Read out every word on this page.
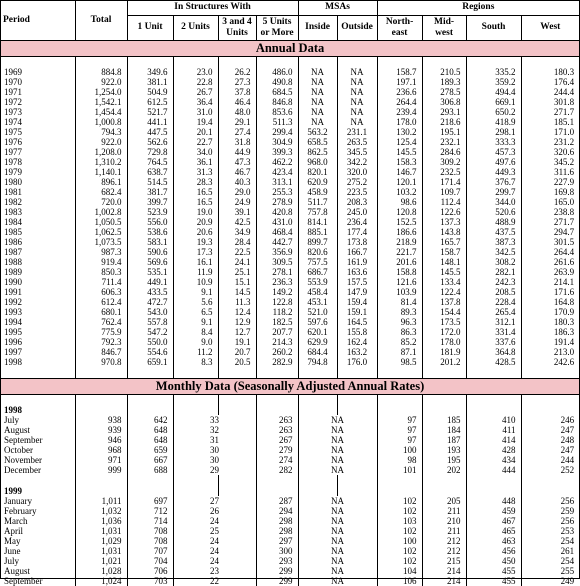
Period	Total	In Structures With				MSAs		Regions			
		1 Unit	2 Units	3 and 4 Units	5 Units or More	Inside	Outside	North-east	Mid-west	South	West
Annual Data											

1969	884.8	349.6	23.0	26.2	486.0	NA	NA	158.7	210.5	335.2	180.3
1970	922.0	381.1	22.8	27.3	490.8	NA	NA	197.1	189.3	359.2	176.4
1971	1,254.0	504.9	26.7	37.8	684.5	NA	NA	236.6	278.5	494.4	244.4
1972	1,542.1	612.5	36.4	46.4	846.8	NA	NA	264.4	306.8	669.1	301.8
1973	1,454.4	521.7	31.0	48.0	853.6	NA	NA	239.4	293.1	650.2	271.7
1974	1,000.8	441.1	19.4	29.1	511.3	NA	NA	178.0	218.6	418.9	185.1
1975	794.3	447.5	20.1	27.4	299.4	563.2	231.1	130.2	195.1	298.1	171.0
1976	922.0	562.6	22.7	31.8	304.9	658.5	263.5	125.4	232.1	333.3	231.2
1977	1,208.0	729.8	34.0	44.9	399.3	862.5	345.5	145.5	284.6	457.3	320.6
1978	1,310.2	764.5	36.1	47.3	462.2	968.0	342.2	158.3	309.2	497.6	345.2
1979	1,140.1	638.7	31.3	46.7	423.4	820.1	320.0	146.7	232.5	449.3	311.6
1980	896.1	514.5	28.3	40.3	313.1	620.9	275.2	120.1	171.4	376.7	227.9
1981	682.4	381.7	16.5	29.0	255.3	458.9	223.5	103.2	109.7	299.7	169.8
1982	720.0	399.7	16.5	24.9	278.9	511.7	208.3	98.6	112.4	344.0	165.0
1983	1,002.8	523.9	19.0	39.1	420.8	757.8	245.0	120.8	122.6	520.6	238.8
1984	1,050.5	556.0	20.9	42.5	431.0	814.1	236.4	152.5	137.3	488.9	271.7
1985	1,062.5	538.6	20.6	34.9	468.4	885.1	177.4	186.6	143.8	437.5	294.7
1986	1,073.5	583.1	19.3	28.4	442.7	899.7	173.8	218.9	165.7	387.3	301.5
1987	987.3	590.6	17.3	22.5	356.9	820.6	166.7	221.7	158.7	342.5	264.4
1988	919.4	569.6	16.1	24.1	309.5	757.5	161.9	201.6	148.1	308.2	261.6
1989	850.3	535.1	11.9	25.1	278.1	686.7	163.6	158.8	145.5	282.1	263.9
1990	711.4	449.1	10.9	15.1	236.3	553.9	157.5	121.6	133.4	242.3	214.1
1991	606.3	433.5	9.1	14.5	149.2	458.4	147.9	103.9	122.4	208.5	171.6
1992	612.4	472.7	5.6	11.3	122.8	453.1	159.4	81.4	137.8	228.4	164.8
1993	680.1	543.0	6.5	12.4	118.2	521.0	159.1	89.3	154.4	265.4	170.9
1994	762.4	557.8	9.1	12.9	182.5	597.6	164.5	96.3	173.5	312.1	180.3
1995	775.9	547.2	8.4	12.7	207.7	620.1	155.8	86.3	172.0	331.4	186.3
1996	792.3	550.0	9.0	19.1	214.3	629.9	162.4	85.2	178.0	337.6	191.4
1997	846.7	554.6	11.2	20.7	260.2	684.4	163.2	87.1	181.9	364.8	213.0
1998	970.8	659.1	8.3	20.5	282.9	794.8	176.0	98.5	201.2	428.5	242.6

Monthly Data (Seasonally Adjusted Annual Rates)											

1998											
July	938	642	33		263	NA		97	185	410	246
August	939	648	32		263	NA		97	184	411	247
September	946	648	31		267	NA		97	187	414	248
October	968	659	30		279	NA		100	193	428	247
November	971	667	30		274	NA		98	195	434	244
December	999	688	29		282	NA		101	202	444	252

1999											
January	1,011	697	27		287	NA		102	205	448	256
February	1,032	712	26		294	NA		102	211	459	259
March	1,036	714	24		298	NA		103	210	467	256
April	1,031	708	25		298	NA		102	211	465	253
May	1,029	708	24		297	NA		100	212	463	254
June	1,031	707	24		300	NA		102	212	456	261
July	1,021	704	24		293	NA		102	215	450	254
August	1,028	706	23		299	NA		104	214	455	255
September	1,024	703	22		299	NA		106	214	455	249
